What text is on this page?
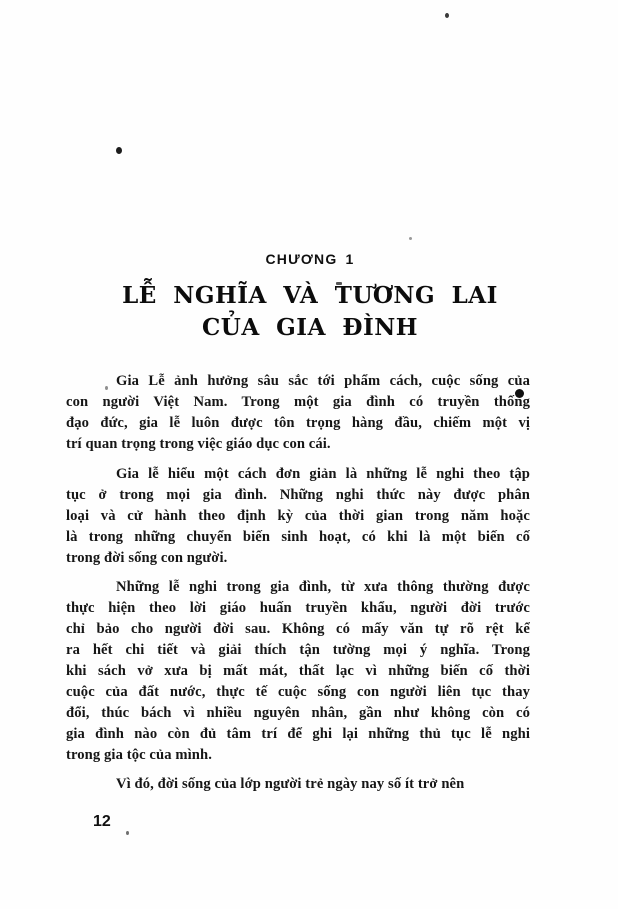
CHƯƠNG 1
LỄ NGHĨA VÀ TƯƠNG LAI
CỦA GIA ĐÌNH
Gia Lễ ảnh hưởng sâu sắc tới phẩm cách, cuộc sống của
con người Việt Nam. Trong một gia đình có truyền thống
đạo đức, gia lễ luôn được tôn trọng hàng đầu, chiếm một vị
trí quan trọng trong việc giáo dục con cái.
Gia lễ hiểu một cách đơn giản là những lễ nghi theo tập
tục ở trong mọi gia đình. Những nghi thức này được phân
loại và cử hành theo định kỳ của thời gian trong năm hoặc
là trong những chuyển biến sinh hoạt, có khi là một biến cố
trong đời sống con người.
Những lễ nghi trong gia đình, từ xưa thông thường được
thực hiện theo lời giáo huấn truyền khẩu, người đời trước
chỉ bảo cho người đời sau. Không có mấy văn tự rõ rệt kể
ra hết chi tiết và giải thích tận tường mọi ý nghĩa. Trong
khi sách vở xưa bị mất mát, thất lạc vì những biến cố thời
cuộc của đất nước, thực tế cuộc sống con người liên tục thay
đổi, thúc bách vì nhiều nguyên nhân, gần như không còn có
gia đình nào còn đủ tâm trí để ghi lại những thủ tục lễ nghi
trong gia tộc của mình.
Vì đó, đời sống của lớp người trẻ ngày nay số ít trở nên
12
